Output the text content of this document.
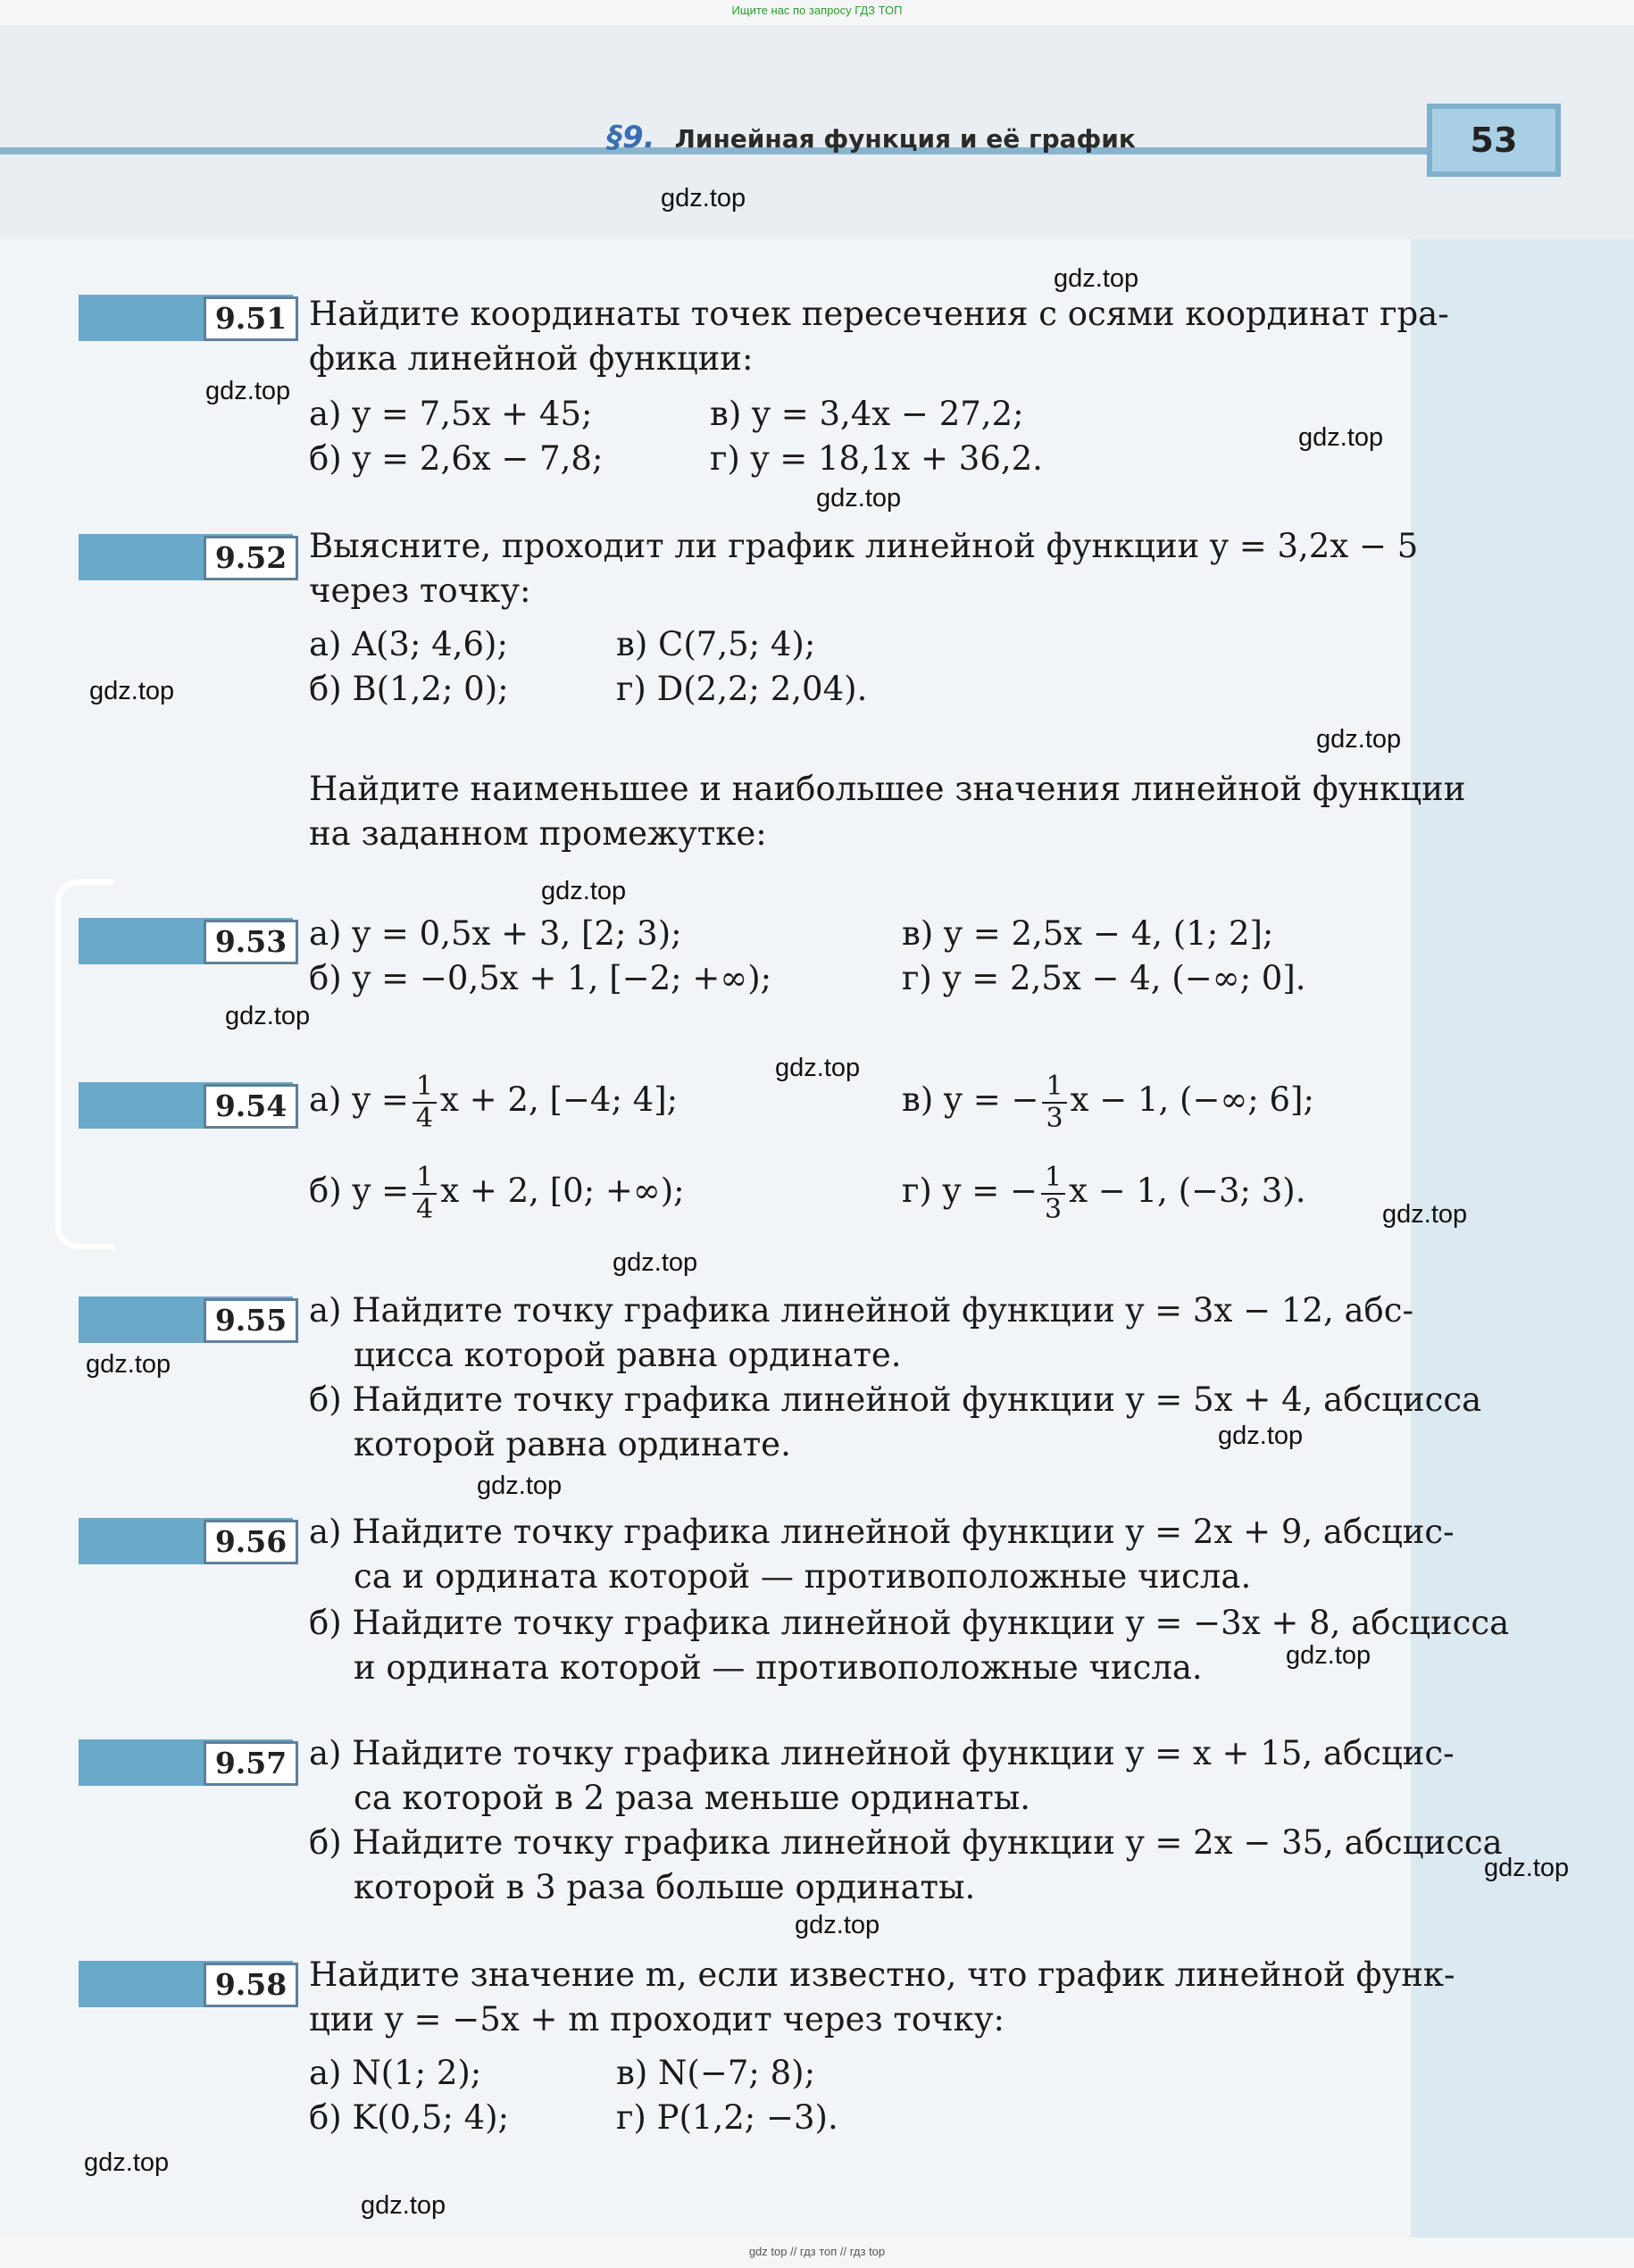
Ищите нас по запросу ГДЗ ТОП
§9. Линейная функция и её график	53
9.51 Найдите координаты точек пересечения с осями координат гра-
фика линейной функции:
а) y = 7,5x + 45;	в) y = 3,4x − 27,2;
б) y = 2,6x − 7,8;	г) y = 18,1x + 36,2.
9.52 Выясните, проходит ли график линейной функции y = 3,2x − 5
через точку:
а) A(3; 4,6);	в) C(7,5; 4);
б) B(1,2; 0);	г) D(2,2; 2,04).
Найдите наименьшее и наибольшее значения линейной функции
на заданном промежутке:
9.53 а) y = 0,5x + 3, [2; 3);	в) y = 2,5x − 4, (1; 2];
б) y = −0,5x + 1, [−2; +∞);	г) y = 2,5x − 4, (−∞; 0].
9.54 а) $y = \frac{1}{4}$ x + 2, [−4; 4];	в) y = − $\frac{1}{3}$ x − 1, (−∞; 6];
б) $y = \frac{1}{4}$ x + 2, [0; +∞);	г) y = − $\frac{1}{3}$ x − 1, (−3; 3).
9.55 а) Найдите точку графика линейной функции y = 3x − 12, абс-
цисса которой равна ординате.
б) Найдите точку графика линейной функции y = 5x + 4, абсцисса
которой равна ординате.
9.56 а) Найдите точку графика линейной функции y = 2x + 9, абсцис-
са и ордината которой — противоположные числа.
б) Найдите точку графика линейной функции y = −3x + 8, абсцисса
и ордината которой — противоположные числа.
9.57 а) Найдите точку графика линейной функции y = x + 15, абсцис-
са которой в 2 раза меньше ординаты.
б) Найдите точку графика линейной функции y = 2x − 35, абсцисса
которой в 3 раза больше ординаты.
9.58 Найдите значение m, если известно, что график линейной функ-
ции y = −5x + m проходит через точку:
а) N(1; 2);	в) N(−7; 8);
б) K(0,5; 4);	г) P(1,2; −3).
gdz.top
gdz.top
gdz.top
gdz.top
gdz.top
gdz.top
gdz.top
gdz.top
gdz.top
gdz.top
gdz.top
gdz.top
gdz.top
gdz.top
gdz.top
gdz.top
gdz.top
gdz.top
gdz.top
gdz.top
gdz top // гдз топ // гдз top
